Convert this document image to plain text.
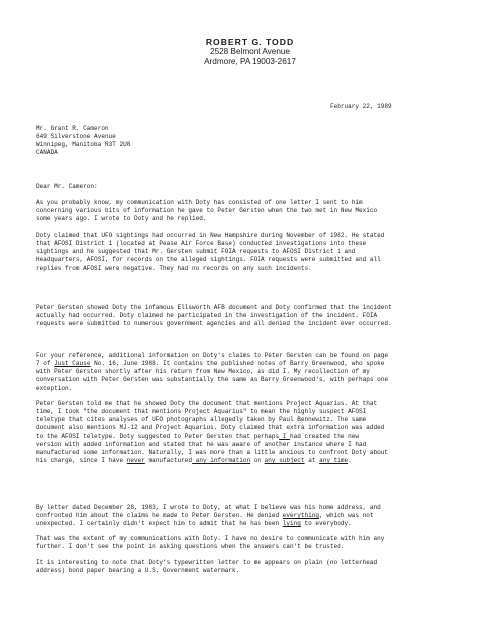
ROBERT G. TODD
2528 Belmont Avenue
Ardmore, PA 19003-2617
February 22, 1989
Mr. Grant R. Cameron
649 Silverstone Avenue
Winnipeg, Manitoba R3T 2U8
CANADA
Dear Mr. Cameron:
As you probably know, my communication with Doty has consisted of one letter I sent to him
concerning various bits of information he gave to Peter Gersten when the two met in New Mexico
some years ago. I wrote to Doty and he replied.
Doty claimed that UFO sightings had occurred in New Hampshire during November of 1982. He stated
that AFOSI District 1 (located at Pease Air Force Base) conducted investigations into these
sightings and he suggested that Mr. Gersten submit FOIA requests to AFOSI District 1 and
Headquarters, AFOSI, for records on the alleged sightings. FOIA requests were submitted and all
replies from AFOSI were negative. They had no records on any such incidents.
Peter Gersten showed Doty the infamous Ellsworth AFB document and Doty confirmed that the incident
actually had occurred. Doty claimed he participated in the investigation of the incident. FOIA
requests were submitted to numerous government agencies and all denied the incident ever occurred.
For your reference, additional information on Doty's claims to Peter Gersten can be found on page
7 of Just Cause No. 16, June 1988. It contains the published notes of Barry Greenwood, who spoke
with Peter Gersten shortly after his return from New Mexico, as did I. My recollection of my
conversation with Peter Gersten was substantially the same as Barry Greenwood's, with perhaps one
exception.
Peter Gersten told me that he showed Doty the document that mentions Project Aquarius. At that
time, I took "the document that mentions Project Aquarius" to mean the highly suspect AFOSI
teletype that cites analyses of UFO photographs allegedly taken by Paul Bennewitz. The same
document also mentions MJ-12 and Project Aquarius. Doty claimed that extra information was added
to the AFOSI teletype. Doty suggested to Peter Gersten that perhaps I had created the new
version with added information and stated that he was aware of another instance where I had
manufactured some information. Naturally, I was more than a little anxious to confront Doty about
his charge, since I have never manufactured any information on any subject at any time.
By letter dated December 28, 1983, I wrote to Doty, at what I believe was his home address, and
confronted him about the claims he made to Peter Gersten. He denied everything, which was not
unexpected. I certainly didn't expect him to admit that he has been lying to everybody.
That was the extent of my communications with Doty. I have no desire to communicate with him any
further. I don't see the point in asking questions when the answers can't be trusted.
It is interesting to note that Doty's typewritten letter to me appears on plain (no letterhead
address) bond paper bearing a U.S. Government watermark.
